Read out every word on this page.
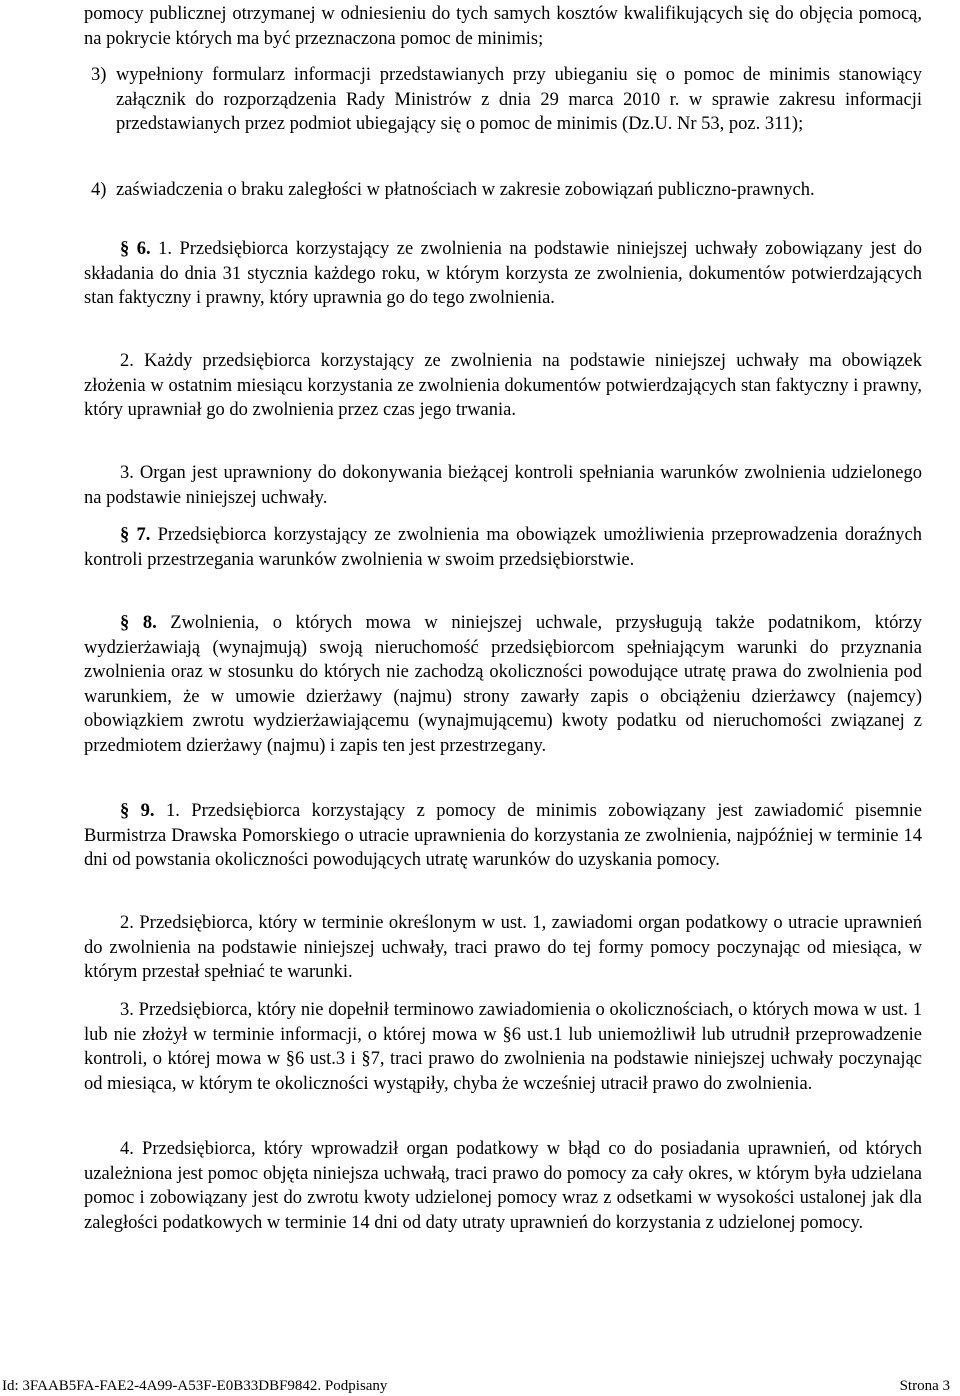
pomocy publicznej otrzymanej w odniesieniu do tych samych kosztów kwalifikujących się do objęcia pomocą, na pokrycie których ma być przeznaczona pomoc de minimis;
3) wypełniony formularz informacji przedstawianych przy ubieganiu się o pomoc de minimis stanowiący załącznik do rozporządzenia Rady Ministrów z dnia 29 marca 2010 r. w sprawie zakresu informacji przedstawianych przez podmiot ubiegający się o pomoc de minimis (Dz.U. Nr 53, poz. 311);
4) zaświadczenia o braku zaległości w płatnościach w zakresie zobowiązań publiczno-prawnych.
§ 6. 1. Przedsiębiorca korzystający ze zwolnienia na podstawie niniejszej uchwały zobowiązany jest do składania do dnia 31 stycznia każdego roku, w którym korzysta ze zwolnienia, dokumentów potwierdzających stan faktyczny i prawny, który uprawnia go do tego zwolnienia.
2. Każdy przedsiębiorca korzystający ze zwolnienia na podstawie niniejszej uchwały ma obowiązek złożenia w ostatnim miesiącu korzystania ze zwolnienia dokumentów potwierdzających stan faktyczny i prawny, który uprawniał go do zwolnienia przez czas jego trwania.
3. Organ jest uprawniony do dokonywania bieżącej kontroli spełniania warunków zwolnienia udzielonego na podstawie niniejszej uchwały.
§ 7. Przedsiębiorca korzystający ze zwolnienia ma obowiązek umożliwienia przeprowadzenia doraźnych kontroli przestrzegania warunków zwolnienia w swoim przedsiębiorstwie.
§ 8. Zwolnienia, o których mowa w niniejszej uchwale, przysługują także podatnikom, którzy wydzierżawiają (wynajmują) swoją nieruchomość przedsiębiorcom spełniającym warunki do przyznania zwolnienia oraz w stosunku do których nie zachodzą okoliczności powodujące utratę prawa do zwolnienia pod warunkiem, że w umowie dzierżawy (najmu) strony zawarły zapis o obciążeniu dzierżawcy (najemcy) obowiązkiem zwrotu wydzierżawiającemu (wynajmującemu) kwoty podatku od nieruchomości związanej z przedmiotem dzierżawy (najmu) i zapis ten jest przestrzegany.
§ 9. 1. Przedsiębiorca korzystający z pomocy de minimis zobowiązany jest zawiadomić pisemnie Burmistrza Drawska Pomorskiego o utracie uprawnienia do korzystania ze zwolnienia, najpóźniej w terminie 14 dni od powstania okoliczności powodujących utratę warunków do uzyskania pomocy.
2. Przedsiębiorca, który w terminie określonym w ust. 1, zawiadomi organ podatkowy o utracie uprawnień do zwolnienia na podstawie niniejszej uchwały, traci prawo do tej formy pomocy poczynając od miesiąca, w którym przestał spełniać te warunki.
3. Przedsiębiorca, który nie dopełnił terminowo zawiadomienia o okolicznościach, o których mowa w ust. 1 lub nie złożył w terminie informacji, o której mowa w §6 ust.1 lub uniemożliwił lub utrudnił przeprowadzenie kontroli, o której mowa w §6 ust.3 i §7, traci prawo do zwolnienia na podstawie niniejszej uchwały poczynając od miesiąca, w którym te okoliczności wystąpiły, chyba że wcześniej utracił prawo do zwolnienia.
4. Przedsiębiorca, który wprowadził organ podatkowy w błąd co do posiadania uprawnień, od których uzależniona jest pomoc objęta niniejsza uchwałą, traci prawo do pomocy za cały okres, w którym była udzielana pomoc i zobowiązany jest do zwrotu kwoty udzielonej pomocy wraz z odsetkami w wysokości ustalonej jak dla zaległości podatkowych w terminie 14 dni od daty utraty uprawnień do korzystania z udzielonej pomocy.
Id: 3FAAB5FA-FAE2-4A99-A53F-E0B33DBF9842. Podpisany	Strona 3
